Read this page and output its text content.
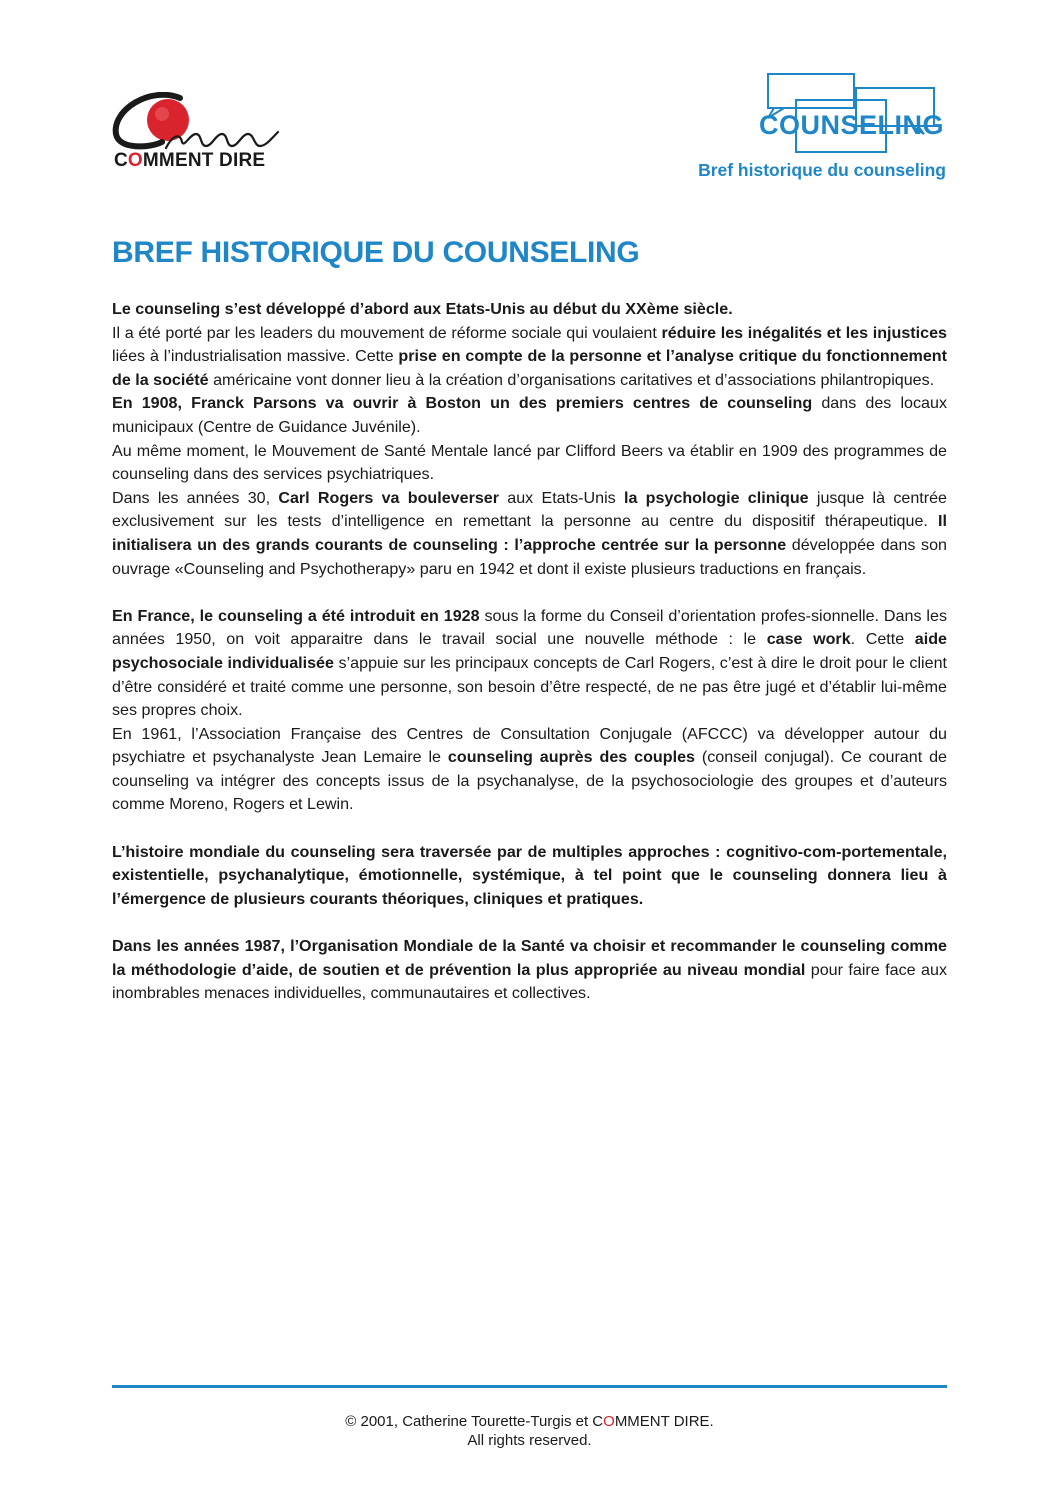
COMMENT DIRE
COUNSELING
Bref historique du counseling
BREF HISTORIQUE DU COUNSELING

Le counseling s’est développé d’abord aux Etats-Unis au début du XXème siècle.
Il a été porté par les leaders du mouvement de réforme sociale qui voulaient réduire les inégalités et les injustices liées à l’industrialisation massive. Cette prise en compte de la personne et l’analyse critique du fonctionnement de la société américaine vont donner lieu à la création d’organisations caritatives et d’associations philantropiques.
En 1908, Franck Parsons va ouvrir à Boston un des premiers centres de counseling dans des locaux municipaux (Centre de Guidance Juvénile).
Au même moment, le Mouvement de Santé Mentale lancé par Clifford Beers va établir en 1909 des programmes de counseling dans des services psychiatriques.
Dans les années 30, Carl Rogers va bouleverser aux Etats-Unis la psychologie clinique jusque là centrée exclusivement sur les tests d’intelligence en remettant la personne au centre du dispositif thérapeutique. Il initialisera un des grands courants de counseling : l’approche centrée sur la personne développée dans son ouvrage «Counseling and Psychotherapy» paru en 1942 et dont il existe plusieurs traductions en français.

En France, le counseling a été introduit en 1928 sous la forme du Conseil d’orientation profes-sionnelle. Dans les années 1950, on voit apparaitre dans le travail social une nouvelle méthode : le case work. Cette aide psychosociale individualisée s’appuie sur les principaux concepts de Carl Rogers, c’est à dire le droit pour le client d’être considéré et traité comme une personne, son besoin d’être respecté, de ne pas être jugé et d’établir lui-même ses propres choix.
En 1961, l’Association Française des Centres de Consultation Conjugale (AFCCC) va développer autour du psychiatre et psychanalyste Jean Lemaire le counseling auprès des couples (conseil conjugal). Ce courant de counseling va intégrer des concepts issus de la psychanalyse, de la psychosociologie des groupes et d’auteurs comme Moreno, Rogers et Lewin.

L’histoire mondiale du counseling sera traversée par de multiples approches : cognitivo-com-portementale, existentielle, psychanalytique, émotionnelle, systémique, à tel point que le counseling donnera lieu à l’émergence de plusieurs courants théoriques, cliniques et pratiques.

Dans les années 1987, l’Organisation Mondiale de la Santé va choisir et recommander le counseling comme la méthodologie d’aide, de soutien et de prévention la plus appropriée au niveau mondial pour faire face aux inombrables menaces individuelles, communautaires et collectives.

© 2001, Catherine Tourette-Turgis et COMMENT DIRE.
All rights reserved.
